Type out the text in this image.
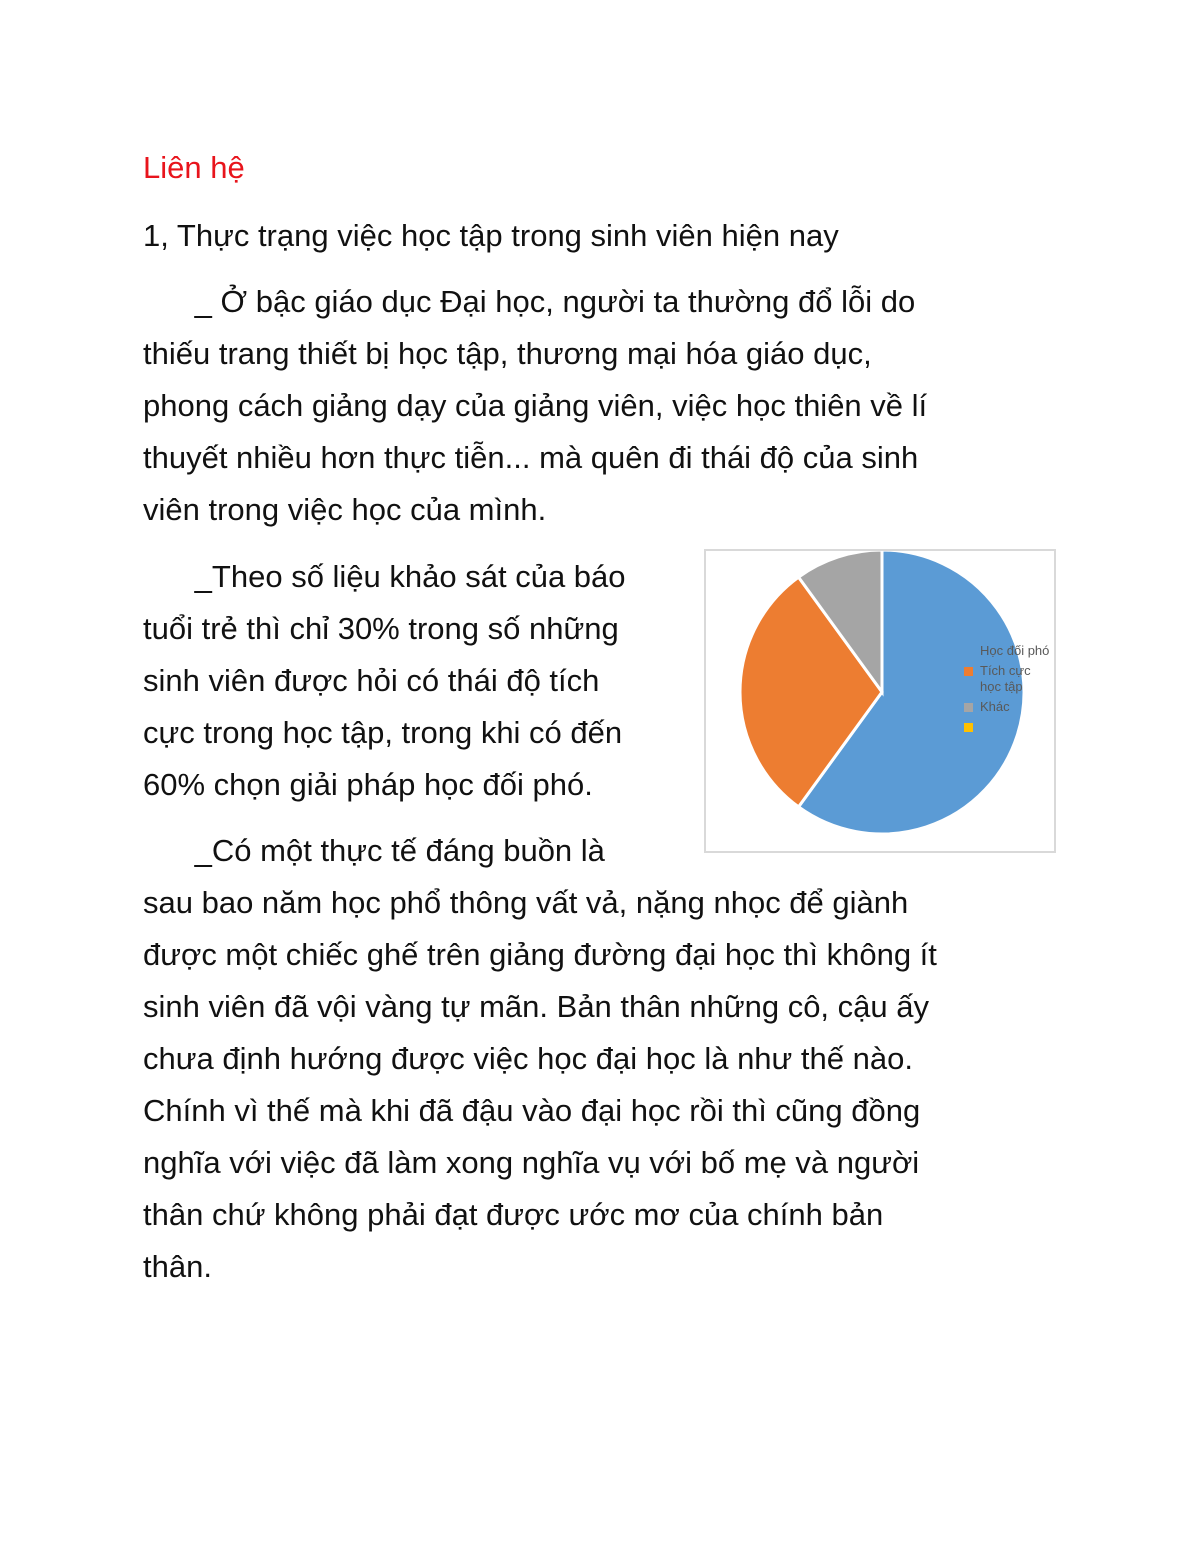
Liên hệ
1, Thực trạng việc học tập trong sinh viên hiện nay
_ Ở bậc giáo dục Đại học, người ta thường đổ lỗi do
thiếu trang thiết bị học tập, thương mại hóa giáo dục,
phong cách giảng dạy của giảng viên, việc học thiên về lí
thuyết nhiều hơn thực tiễn... mà quên đi thái độ của sinh
viên trong việc học của mình.
_Theo số liệu khảo sát của báo
tuổi trẻ thì chỉ 30% trong số những
sinh viên được hỏi có thái độ tích
cực trong học tập, trong khi có đến
60% chọn giải pháp học đối phó.
Học đối phó
Tích cực học tập
Khác
_Có một thực tế đáng buồn là
sau bao năm học phổ thông vất vả, nặng nhọc để giành
được một chiếc ghế trên giảng đường đại học thì không ít
sinh viên đã vội vàng tự mãn. Bản thân những cô, cậu ấy
chưa định hướng được việc học đại học là như thế nào.
Chính vì thế mà khi đã đậu vào đại học rồi thì cũng đồng
nghĩa với việc đã làm xong nghĩa vụ với bố mẹ và người
thân chứ không phải đạt được ước mơ của chính bản
thân.
